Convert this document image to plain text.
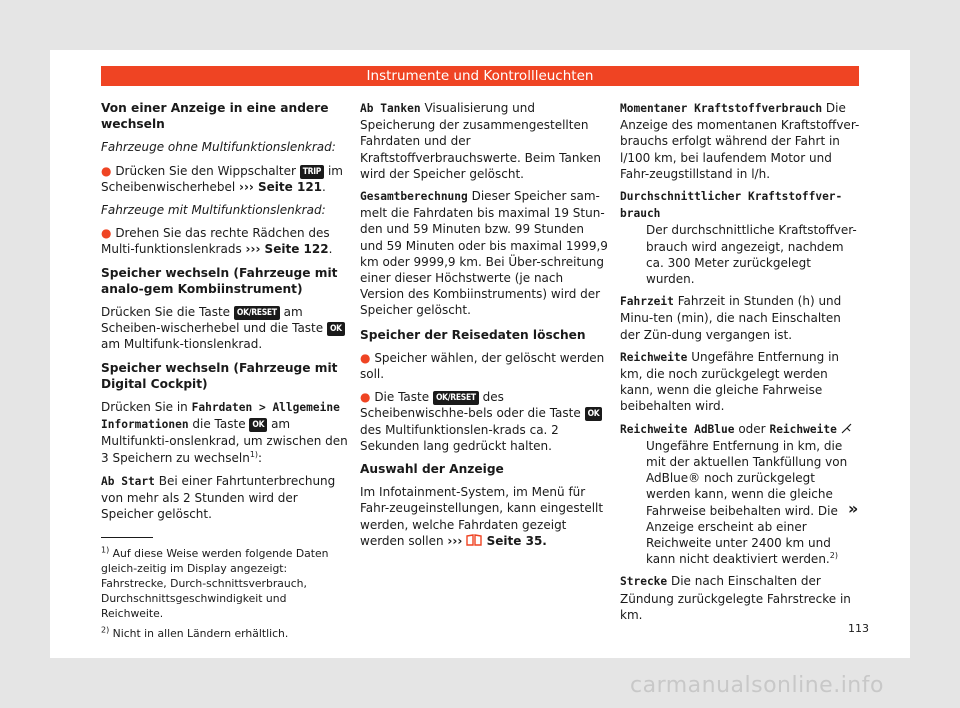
Instrumente und Kontrollleuchten
Von einer Anzeige in eine andere wechseln

Fahrzeuge ohne Multifunktionslenkrad:

● Drücken Sie den Wippschalter TRIP im Scheibenwischerhebel ››› Seite 121.

Fahrzeuge mit Multifunktionslenkrad:

● Drehen Sie das rechte Rädchen des Multi-funktionslenkrads ››› Seite 122.

Speicher wechseln (Fahrzeuge mit analo-gem Kombiinstrument)

Drücken Sie die Taste OK/RESET am Scheiben-wischerhebel und die Taste OK am Multifunk-tionslenkrad.

Speicher wechseln (Fahrzeuge mit Digital Cockpit)

Drücken Sie in Fahrdaten > Allgemeine Informationen die Taste OK am Multifunkti-onslenkrad, um zwischen den 3 Speichern zu wechseln$^{1)}$:

Ab Start Bei einer Fahrtunterbrechung von mehr als 2 Stunden wird der Speicher gelöscht.
Ab Tanken Visualisierung und Speicherung der zusammengestellten Fahrdaten und der Kraftstoffverbrauchswerte. Beim Tanken wird der Speicher gelöscht.
Gesamtberechnung Dieser Speicher sam-melt die Fahrdaten bis maximal 19 Stun-den und 59 Minuten bzw. 99 Stunden und 59 Minuten oder bis maximal 1999,9 km oder 9999,9 km. Bei Über-schreitung einer dieser Höchstwerte (je nach Version des Kombiinstruments) wird der Speicher gelöscht.
Speicher der Reisedaten löschen

● Speicher wählen, der gelöscht werden soll.

● Die Taste OK/RESET des Scheibenwischhe-bels oder die Taste OK des Multifunktionslen-krads ca. 2 Sekunden lang gedrückt halten.

Auswahl der Anzeige

Im Infotainment-System, im Menü für Fahr-zeugeinstellungen, kann eingestellt werden, welche Fahrdaten gezeigt werden sollen ››› Seite 35.

Momentaner Kraftstoffverbrauch Die Anzeige des momentanen Kraftstoffver-brauchs erfolgt während der Fahrt in l/100 km, bei laufendem Motor und Fahr-zeugstillstand in l/h.
Durchschnittlicher Kraftstoffver-brauch
Der durchschnittliche Kraftstoffver-brauch wird angezeigt, nachdem ca. 300 Meter zurückgelegt wurden.
Fahrzeit Fahrzeit in Stunden (h) und Minu-ten (min), die nach Einschalten der Zün-dung vergangen ist.
Reichweite Ungefähre Entfernung in km, die noch zurückgelegt werden kann, wenn die gleiche Fahrweise beibehalten wird.
Reichweite AdBlue oder Reichweite
Ungefähre Entfernung in km, die mit der aktuellen Tankfüllung von AdBlue® noch zurückgelegt werden kann, wenn die gleiche Fahrweise beibehalten wird. Die Anzeige erscheint ab einer Reichweite unter 2400 km und kann nicht deaktiviert werden.$^{2)}$
Strecke Die nach Einschalten der Zündung zurückgelegte Fahrstrecke in km.
»

$^{1)}$ Auf diese Weise werden folgende Daten gleich-zeitig im Display angezeigt: Fahrstrecke, Durch-schnittsverbrauch, Durchschnittsgeschwindigkeit und Reichweite.

$^{2)}$ Nicht in allen Ländern erhältlich.	113
carmanualsonline.info
